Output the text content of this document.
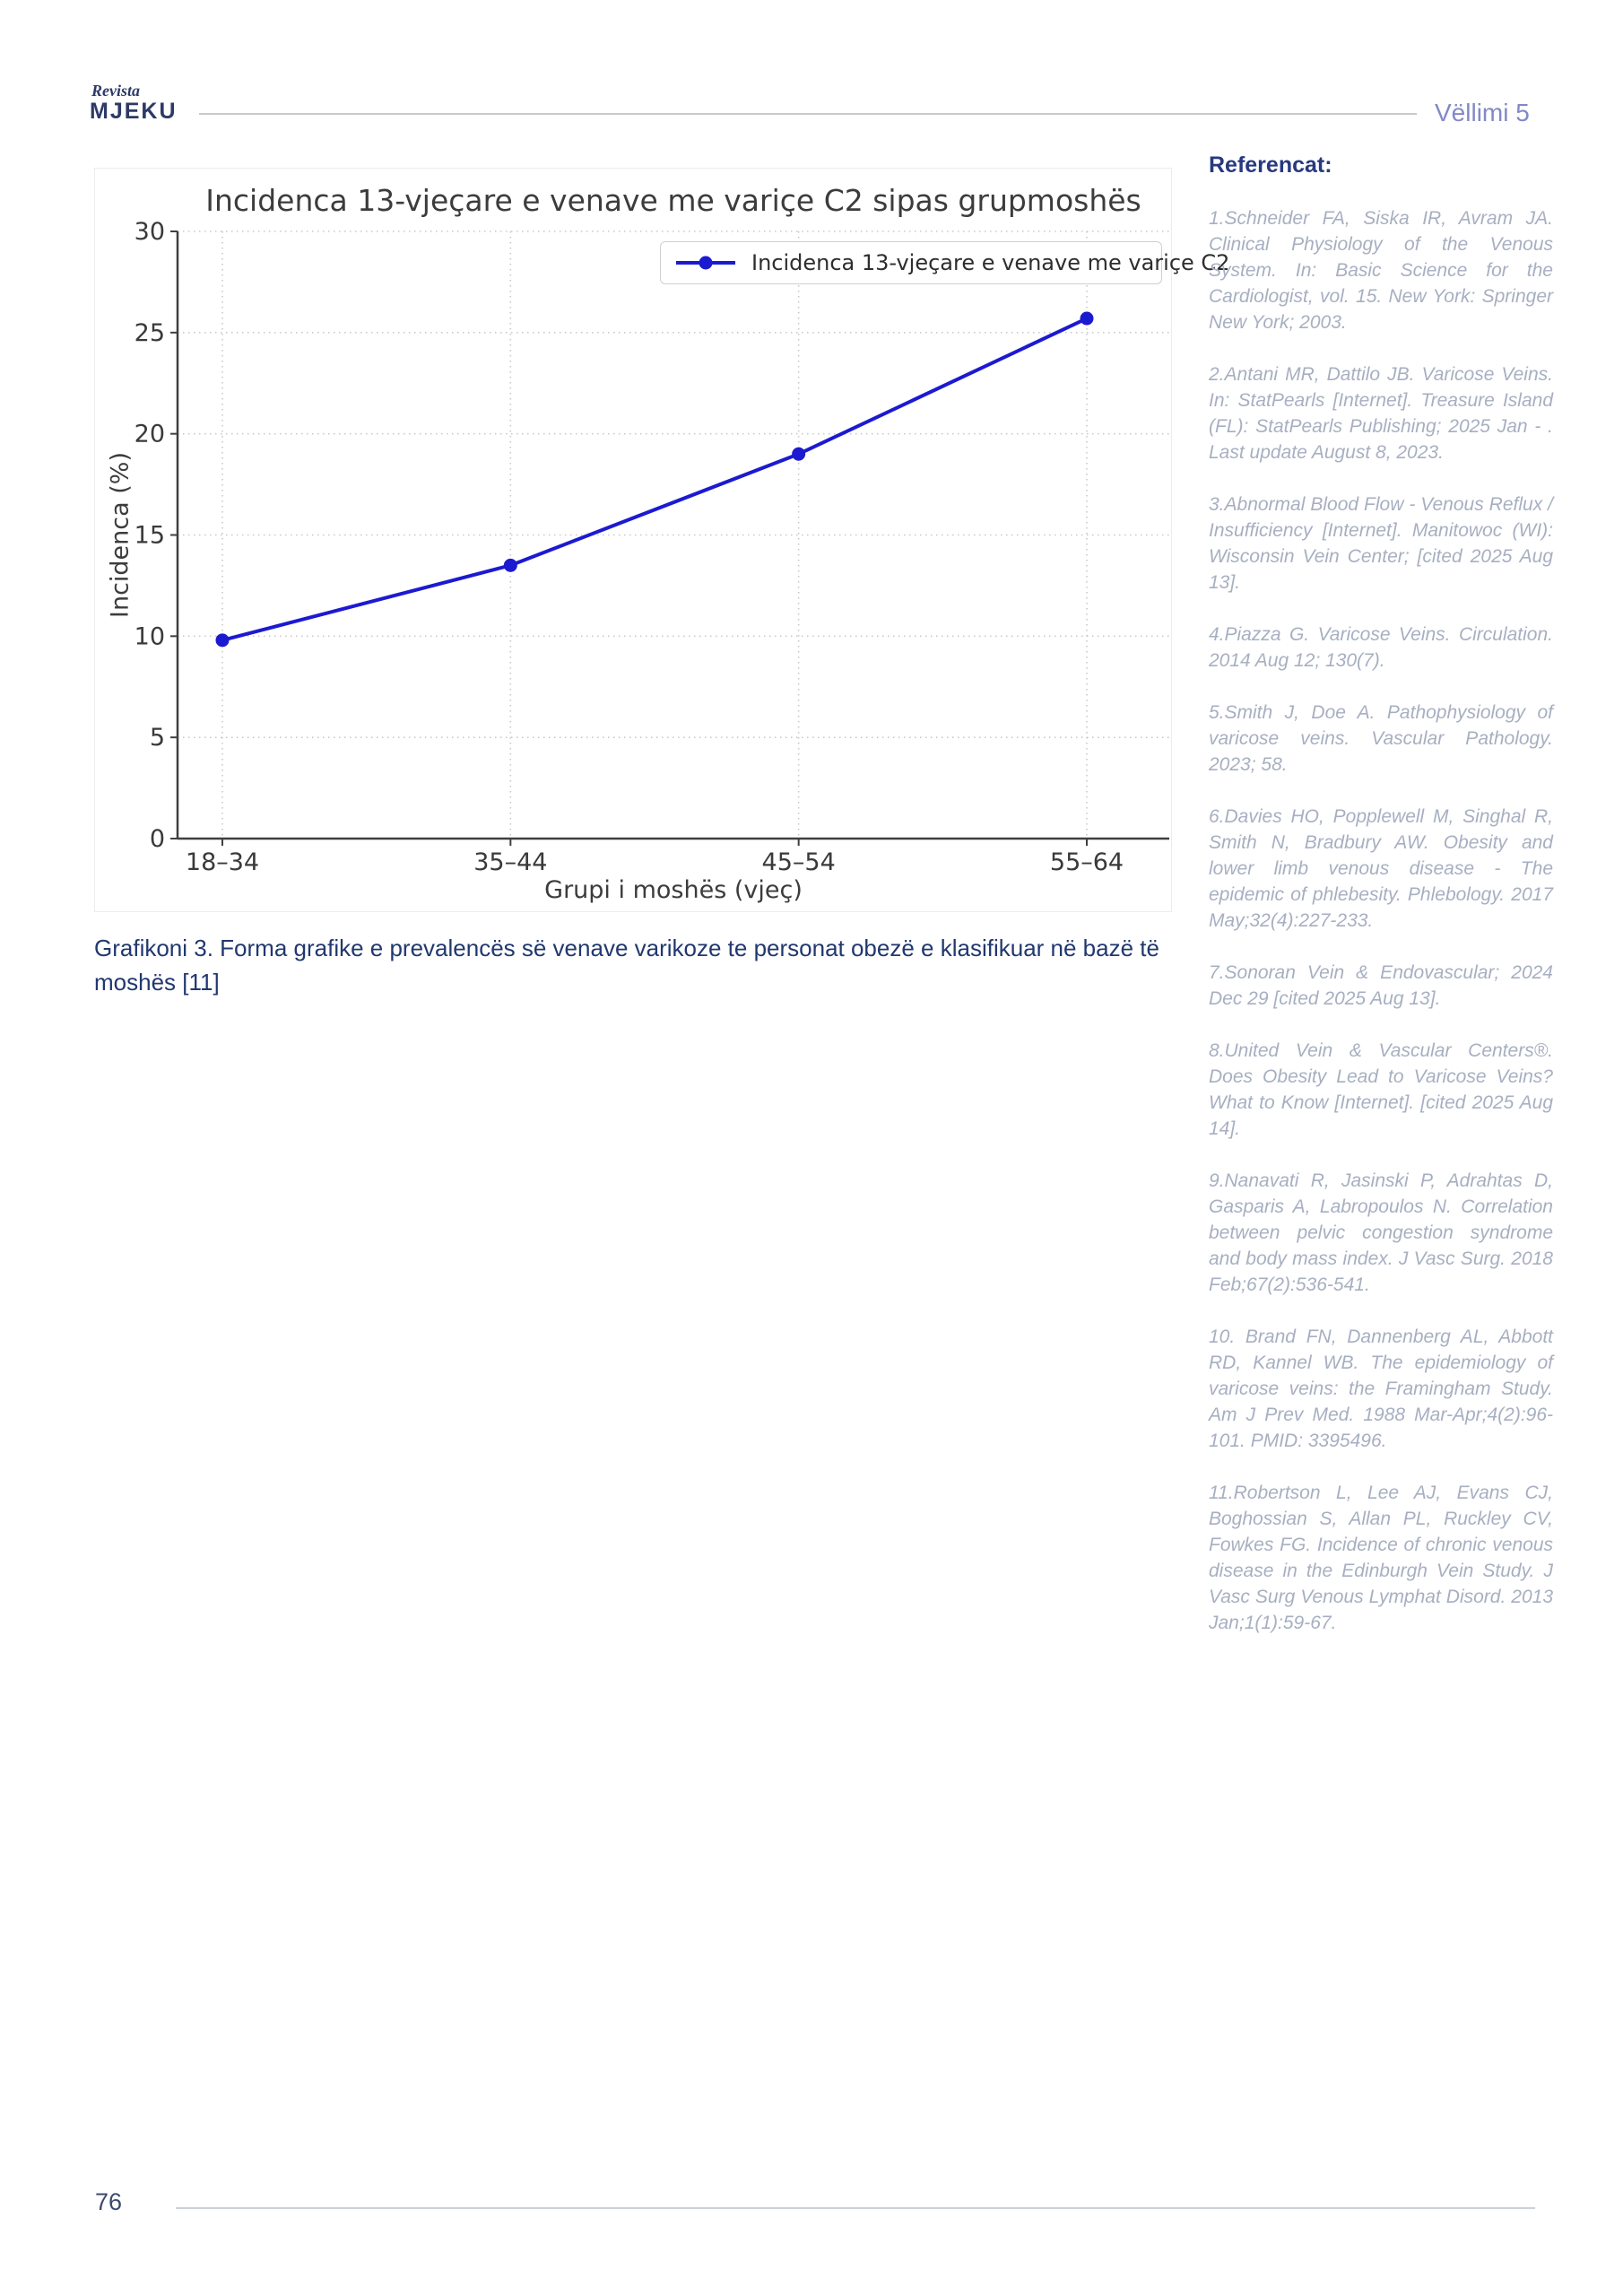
Revista
MJEKU	Vëllimi 5
Incidenca 13-vjeçare e venave me variçe C2 sipas grupmoshës
0
5
10
15
20
25
30
18–34	35–44	45–54	55–64
Incidenca 13-vjeçare e venave me variçe C2
Incidenca (%)
Grupi i moshës (vjeç)
Grafikoni 3. Forma grafike e prevalencës së venave varikoze te personat obezë e klasifikuar në bazë të moshës [11]

Referencat:

1.Schneider FA, Siska IR, Avram JA. Clinical Physiology of the Venous System. In: Basic Science for the Cardiologist, vol. 15. New York: Springer New York; 2003.

2.Antani MR, Dattilo JB. Varicose Veins. In: StatPearls [Internet]. Treasure Island (FL): StatPearls Publishing; 2025 Jan - . Last update August 8, 2023.

3.Abnormal Blood Flow - Venous Reflux / Insufficiency [Internet]. Manitowoc (WI): Wisconsin Vein Center; [cited 2025 Aug 13].

4.Piazza G. Varicose Veins. Circulation. 2014 Aug 12; 130(7).

5.Smith J, Doe A. Pathophysiology of varicose veins. Vascular Pathology. 2023; 58.

6.Davies HO, Popplewell M, Singhal R, Smith N, Bradbury AW. Obesity and lower limb venous disease - The epidemic of phlebesity. Phlebology. 2017 May;32(4):227-233.

7.Sonoran Vein & Endovascular; 2024 Dec 29 [cited 2025 Aug 13].

8.United Vein & Vascular Centers®. Does Obesity Lead to Varicose Veins? What to Know [Internet]. [cited 2025 Aug 14].

9.Nanavati R, Jasinski P, Adrahtas D, Gasparis A, Labropoulos N. Correlation between pelvic congestion syndrome and body mass index. J Vasc Surg. 2018 Feb;67(2):536-541.

10. Brand FN, Dannenberg AL, Abbott RD, Kannel WB. The epidemiology of varicose veins: the Framingham Study. Am J Prev Med. 1988 Mar-Apr;4(2):96-101. PMID: 3395496.

11.Robertson L, Lee AJ, Evans CJ, Boghossian S, Allan PL, Ruckley CV, Fowkes FG. Incidence of chronic venous disease in the Edinburgh Vein Study. J Vasc Surg Venous Lymphat Disord. 2013 Jan;1(1):59-67.

76
